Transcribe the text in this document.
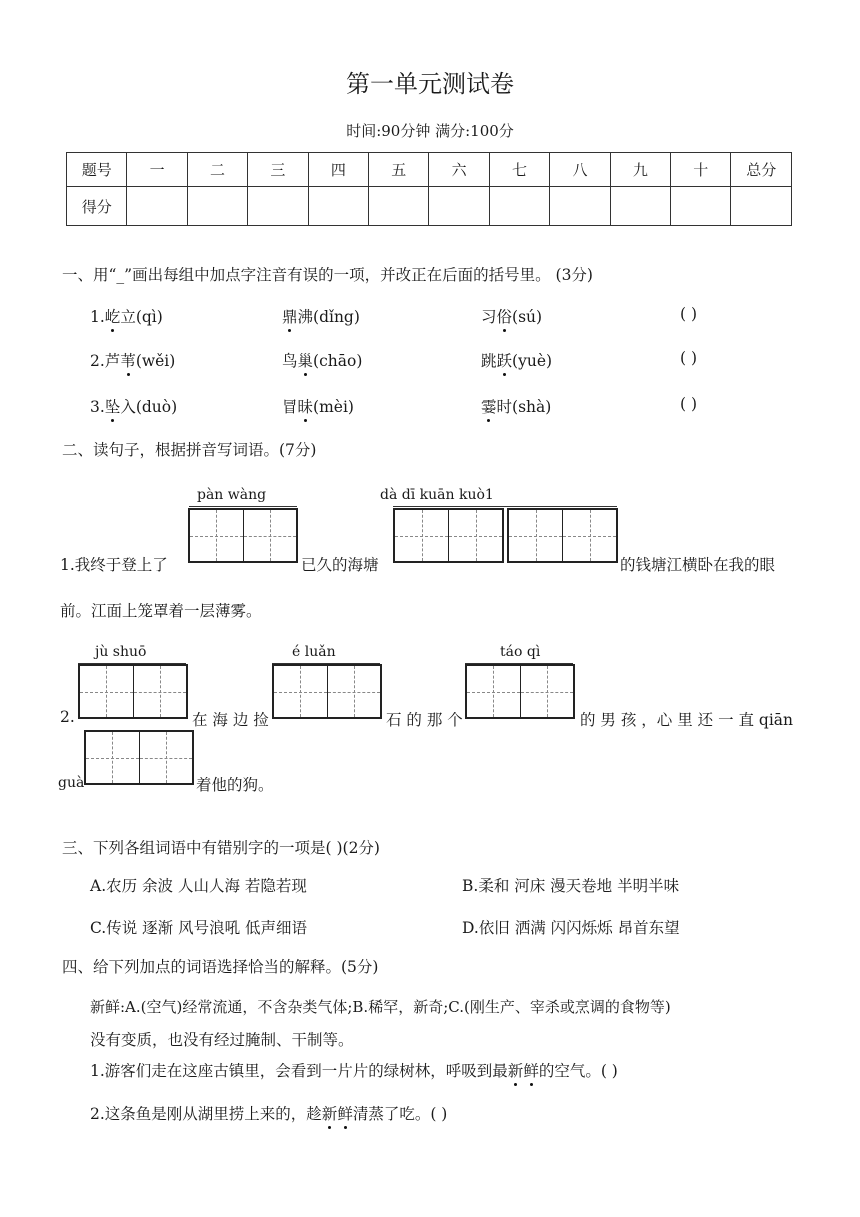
第一单元测试卷
时间:90分钟 满分:100分
题号	一	二	三	四	五	六	七	八	九	十	总分
得分											
一、用“_”画出每组中加点字注音有误的一项，并改正在后面的括号里。 (3分)
1.屹立(qì)	鼎沸(dǐng)	习俗(sú)	( )
2.芦苇(wěi)	鸟巢(chāo)	跳跃(yuè)	( )
3.坠入(duò)	冒昧(mèi)	霎时(shà)	( )
二、读句子，根据拼音写词语。(7分)
pàn wàng	dà dī kuān kuò1
1.我终于登上了	已久的海塘	的钱塘江横卧在我的眼
前。江面上笼罩着一层薄雾。
jù shuō	é luǎn	táo qì
2.	在 海 边 捡	石 的 那 个	的 男 孩 ，心 里 还 一 直 qiān
guà	着他的狗。
三、下列各组词语中有错别字的一项是( )(2分)
A.农历 余波 人山人海 若隐若现	B.柔和 河床 漫天卷地 半明半味
C.传说 逐渐 风号浪吼 低声细语	D.依旧 洒满 闪闪烁烁 昂首东望
四、给下列加点的词语选择恰当的解释。(5分)
新鲜:A.(空气)经常流通，不含杂类气体;B.稀罕，新奇;C.(刚生产、宰杀或烹调的食物等)
没有变质，也没有经过腌制、干制等。
1.游客们走在这座古镇里，会看到一片片的绿树林，呼吸到最新鲜的空气。( )
2.这条鱼是刚从湖里捞上来的，趁新鲜清蒸了吃。( )
